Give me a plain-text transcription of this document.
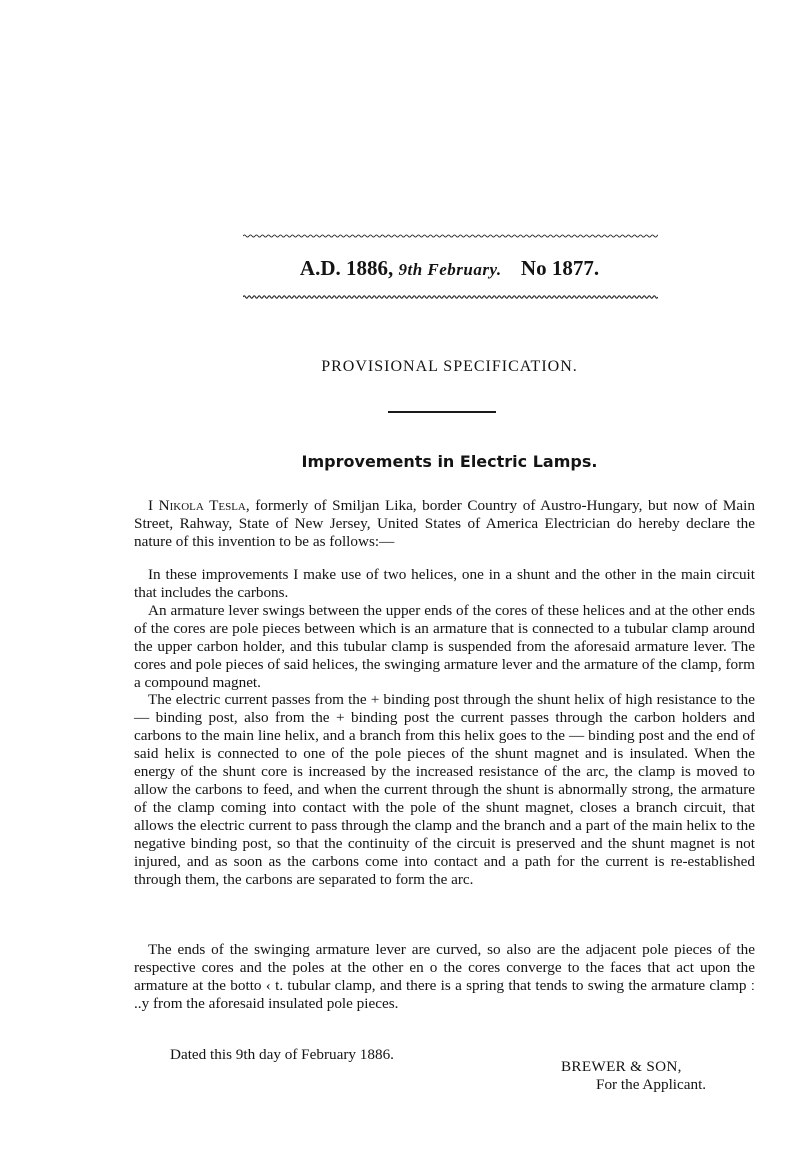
A.D. 1886, 9th February. No 1877.
PROVISIONAL SPECIFICATION.
Improvements in Electric Lamps.

I Nikola Tesla, formerly of Smiljan Lika, border Country of Austro-Hungary, but now of Main Street, Rahway, State of New Jersey, United States of America Electrician do hereby declare the nature of this invention to be as follows:—

In these improvements I make use of two helices, one in a shunt and the other in the main circuit that includes the carbons.

An armature lever swings between the upper ends of the cores of these helices and at the other ends of the cores are pole pieces between which is an armature that is connected to a tubular clamp around the upper carbon holder, and this tubular clamp is suspended from the aforesaid armature lever. The cores and pole pieces of said helices, the swinging armature lever and the armature of the clamp, form a compound magnet.

The electric current passes from the + binding post through the shunt helix of high resistance to the — binding post, also from the + binding post the current passes through the carbon holders and carbons to the main line helix, and a branch from this helix goes to the — binding post and the end of said helix is connected to one of the pole pieces of the shunt magnet and is insulated. When the energy of the shunt core is increased by the increased resistance of the arc, the clamp is moved to allow the carbons to feed, and when the current through the shunt is abnormally strong, the armature of the clamp coming into contact with the pole of the shunt magnet, closes a branch circuit, that allows the electric current to pass through the clamp and the branch and a part of the main helix to the negative binding post, so that the continuity of the circuit is preserved and the shunt magnet is not injured, and as soon as the carbons come into contact and a path for the current is re-established through them, the carbons are separated to form the arc.

The ends of the swinging armature lever are curved, so also are the adjacent pole pieces of the respective cores and the poles at the other en o the cores converge to the faces that act upon the armature at the botto ‹ t. tubular clamp, and there is a spring that tends to swing the armature clamp ː ..y from the aforesaid insulated pole pieces.

Dated this 9th day of February 1886.
BREWER & SON,
For the Applicant.
